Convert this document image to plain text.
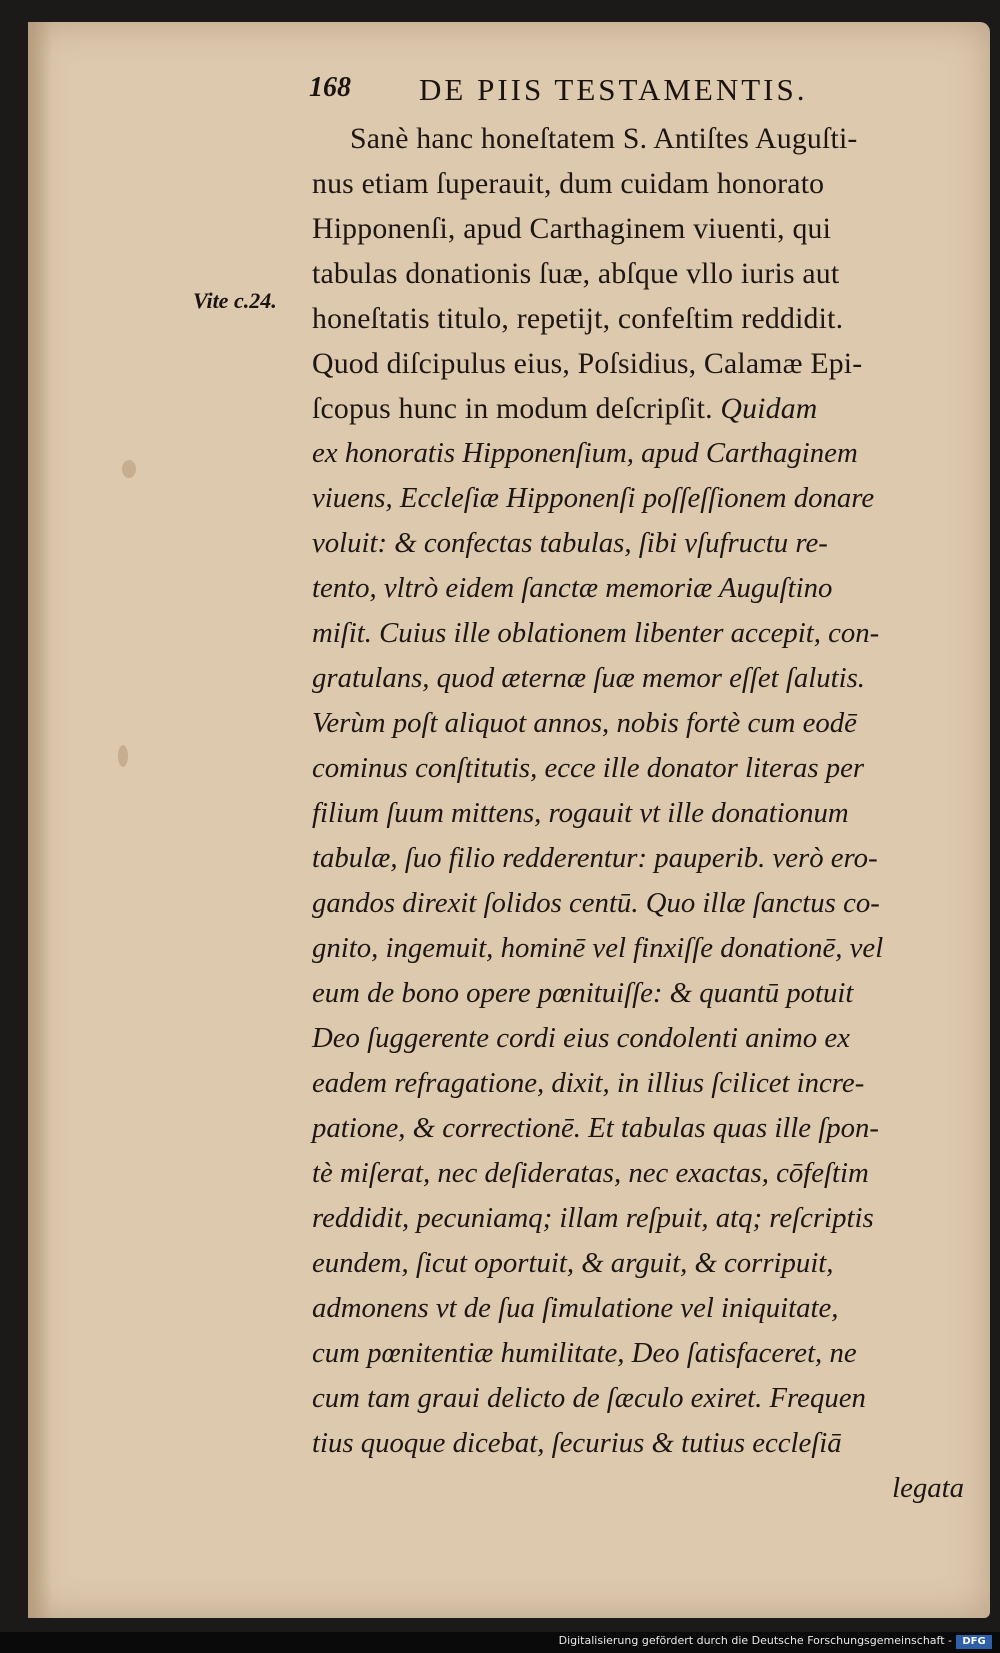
168 DE PIIS TESTAMENTIS.
Vite c.24.
Sanè hanc honeſtatem S. Antiſtes Auguſti-
nus etiam ſuperauit, dum cuidam honorato
Hipponenſi, apud Carthaginem viuenti, qui
tabulas donationis ſuæ, abſque vllo iuris aut
honeſtatis titulo, repetijt, confeſtim reddidit.
Quod diſcipulus eius, Poſsidius, Calamæ Epi-
ſcopus hunc in modum deſcripſit. Quidam
ex honoratis Hipponenſium, apud Carthaginem
viuens, Eccleſiæ Hipponenſi poſſeſſionem donare
voluit: & confectas tabulas, ſibi vſufructu re-
tento, vltrò eidem ſanctæ memoriæ Auguſtino
miſit. Cuius ille oblationem libenter accepit, con-
gratulans, quod æternæ ſuæ memor eſſet ſalutis.
Verùm poſt aliquot annos, nobis fortè cum eodē
cominus conſtitutis, ecce ille donator literas per
filium ſuum mittens, rogauit vt ille donationum
tabulæ, ſuo filio redderentur: pauperib. verò ero-
gandos direxit ſolidos centū. Quo illæ ſanctus co-
gnito, ingemuit, hominē vel finxiſſe donationē, vel
eum de bono opere pœnituiſſe: & quantū potuit
Deo ſuggerente cordi eius condolenti animo ex
eadem refragatione, dixit, in illius ſcilicet incre-
patione, & correctionē. Et tabulas quas ille ſpon-
tè miſerat, nec deſideratas, nec exactas, cōfeſtim
reddidit, pecuniamq; illam reſpuit, atq; reſcriptis
eundem, ſicut oportuit, & arguit, & corripuit,
admonens vt de ſua ſimulatione vel iniquitate,
cum pœnitentiæ humilitate, Deo ſatisfaceret, ne
cum tam graui delicto de ſæculo exiret. Frequen
tius quoque dicebat, ſecurius & tutius eccleſiā
legata
Digitalisierung gefördert durch die Deutsche Forschungsgemeinschaft -	DFG
